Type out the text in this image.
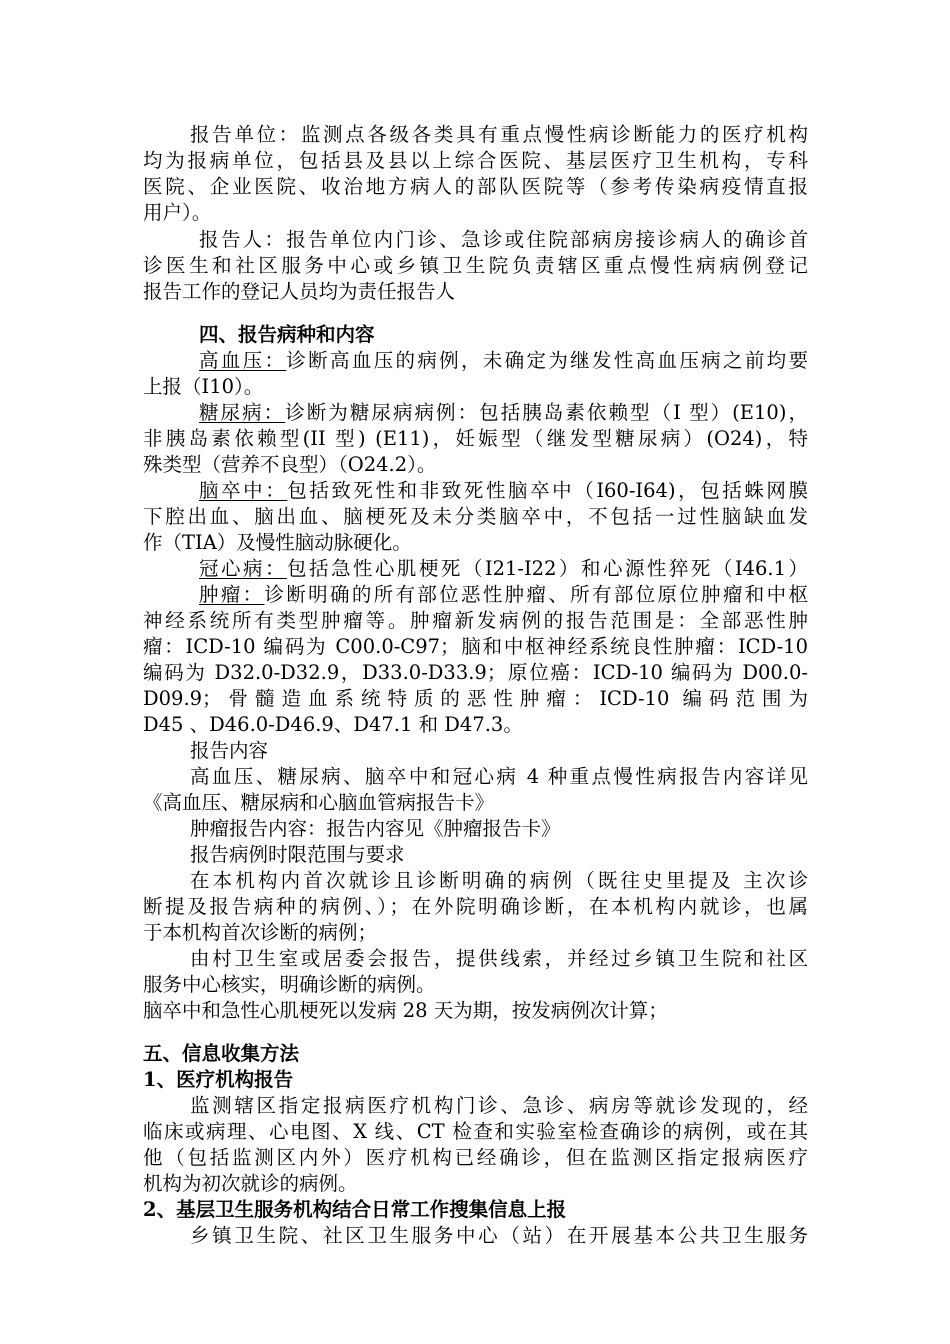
报告单位：监测点各级各类具有重点慢性病诊断能力的医疗机构
均为报病单位，包括县及县以上综合医院、基层医疗卫生机构，专科
医院、企业医院、收治地方病人的部队医院等（参考传染病疫情直报
用户）。
报告人：报告单位内门诊、急诊或住院部病房接诊病人的确诊首
诊医生和社区服务中心或乡镇卫生院负责辖区重点慢性病病例登记
报告工作的登记人员均为责任报告人
四、报告病种和内容
高血压：诊断高血压的病例，未确定为继发性高血压病之前均要
上报（I10）。
糖尿病：诊断为糖尿病病例：包括胰岛素依赖型（I 型）(E10)，
非胰岛素依赖型(II 型) (E11)，妊娠型（继发型糖尿病）(O24)，特
殊类型（营养不良型）（O24.2）。
脑卒中：包括致死性和非致死性脑卒中（I60-I64)，包括蛛网膜
下腔出血、脑出血、脑梗死及未分类脑卒中，不包括一过性脑缺血发
作（TIA）及慢性脑动脉硬化。
冠心病：包括急性心肌梗死（I21-I22）和心源性猝死（I46.1）
肿瘤：诊断明确的所有部位恶性肿瘤、所有部位原位肿瘤和中枢
神经系统所有类型肿瘤等。肿瘤新发病例的报告范围是：全部恶性肿
瘤：ICD-10 编码为 C00.0-C97；脑和中枢神经系统良性肿瘤：ICD-10
编码为 D32.0-D32.9，D33.0-D33.9；原位癌：ICD-10 编码为 D00.0-
D09.9；骨髓造血系统特质的恶性肿瘤：ICD-10 编码范围为
D45 、D46.0-D46.9、D47.1 和 D47.3。
报告内容
高血压、糖尿病、脑卒中和冠心病 4 种重点慢性病报告内容详见
《高血压、糖尿病和心脑血管病报告卡》
肿瘤报告内容：报告内容见《肿瘤报告卡》
报告病例时限范围与要求
在本机构内首次就诊且诊断明确的病例（既往史里提及 主次诊
断提及报告病种的病例、）；在外院明确诊断，在本机构内就诊，也属
于本机构首次诊断的病例；
由村卫生室或居委会报告，提供线索，并经过乡镇卫生院和社区
服务中心核实，明确诊断的病例。
脑卒中和急性心肌梗死以发病 28 天为期，按发病例次计算；
五、信息收集方法
1、医疗机构报告
监测辖区指定报病医疗机构门诊、急诊、病房等就诊发现的，经
临床或病理、心电图、X 线、CT 检查和实验室检查确诊的病例，或在其
他（包括监测区内外）医疗机构已经确诊，但在监测区指定报病医疗
机构为初次就诊的病例。
2、基层卫生服务机构结合日常工作搜集信息上报
乡镇卫生院、社区卫生服务中心（站）在开展基本公共卫生服务
